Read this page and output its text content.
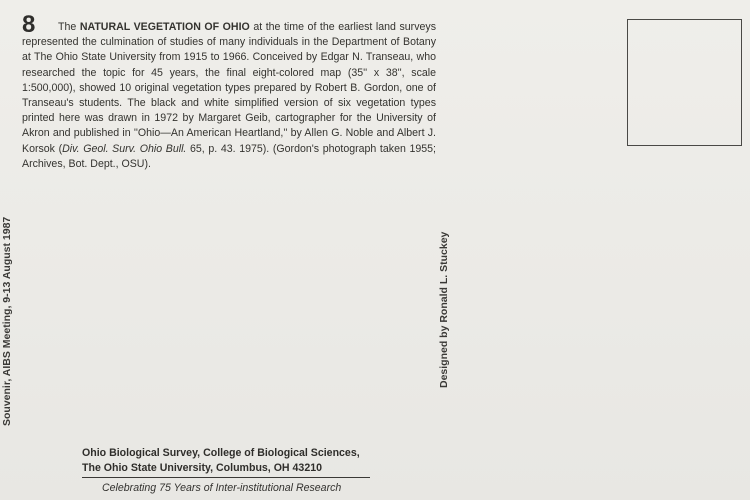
8	The NATURAL VEGETATION OF OHIO at the time of the earliest land surveys represented the culmination of studies of many individuals in the Department of Botany at The Ohio State University from 1915 to 1966. Conceived by Edgar N. Transeau, who researched the topic for 45 years, the final eight-colored map (35'' x 38'', scale 1:500,000), showed 10 original vegetation types prepared by Robert B. Gordon, one of Transeau's students. The black and white simplified version of six vegetation types printed here was drawn in 1972 by Margaret Geib, cartographer for the University of Akron and published in ''Ohio—An American Heartland,'' by Allen G. Noble and Albert J. Korsok (Div. Geol. Surv. Ohio Bull. 65, p. 43. 1975). (Gordon's photograph taken 1955; Archives, Bot. Dept., OSU).
Souvenir, AIBS Meeting, 9-13 August 1987	Designed by Ronald L. Stuckey
Ohio Biological Survey, College of Biological Sciences,
The Ohio State University, Columbus, OH 43210
Celebrating 75 Years of Inter-institutional Research
